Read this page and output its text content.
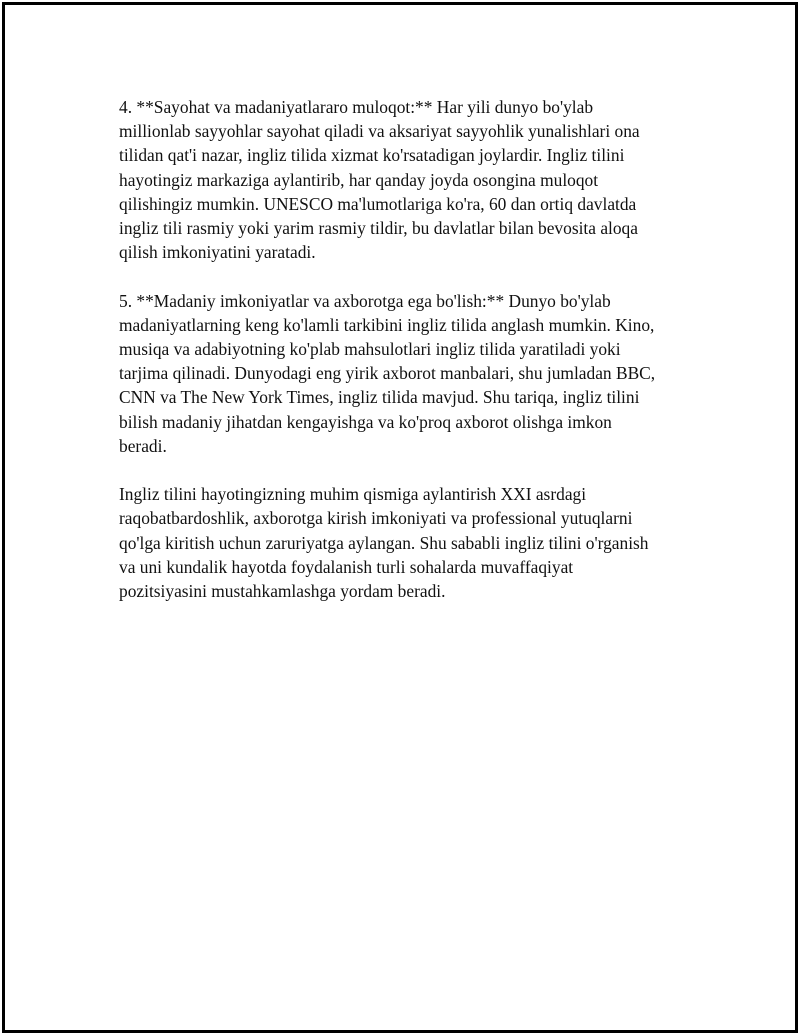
4. **Sayohat va madaniyatlararo muloqot:** Har yili dunyo bo'ylab
millionlab sayyohlar sayohat qiladi va aksariyat sayyohlik yunalishlari ona
tilidan qat'i nazar, ingliz tilida xizmat ko'rsatadigan joylardir. Ingliz tilini
hayotingiz markaziga aylantirib, har qanday joyda osongina muloqot
qilishingiz mumkin. UNESCO ma'lumotlariga ko'ra, 60 dan ortiq davlatda
ingliz tili rasmiy yoki yarim rasmiy tildir, bu davlatlar bilan bevosita aloqa
qilish imkoniyatini yaratadi.

5. **Madaniy imkoniyatlar va axborotga ega bo'lish:** Dunyo bo'ylab
madaniyatlarning keng ko'lamli tarkibini ingliz tilida anglash mumkin. Kino,
musiqa va adabiyotning ko'plab mahsulotlari ingliz tilida yaratiladi yoki
tarjima qilinadi. Dunyodagi eng yirik axborot manbalari, shu jumladan BBC,
CNN va The New York Times, ingliz tilida mavjud. Shu tariqa, ingliz tilini
bilish madaniy jihatdan kengayishga va ko'proq axborot olishga imkon
beradi.

Ingliz tilini hayotingizning muhim qismiga aylantirish XXI asrdagi
raqobatbardoshlik, axborotga kirish imkoniyati va professional yutuqlarni
qo'lga kiritish uchun zaruriyatga aylangan. Shu sababli ingliz tilini o'rganish
va uni kundalik hayotda foydalanish turli sohalarda muvaffaqiyat
pozitsiyasini mustahkamlashga yordam beradi.
